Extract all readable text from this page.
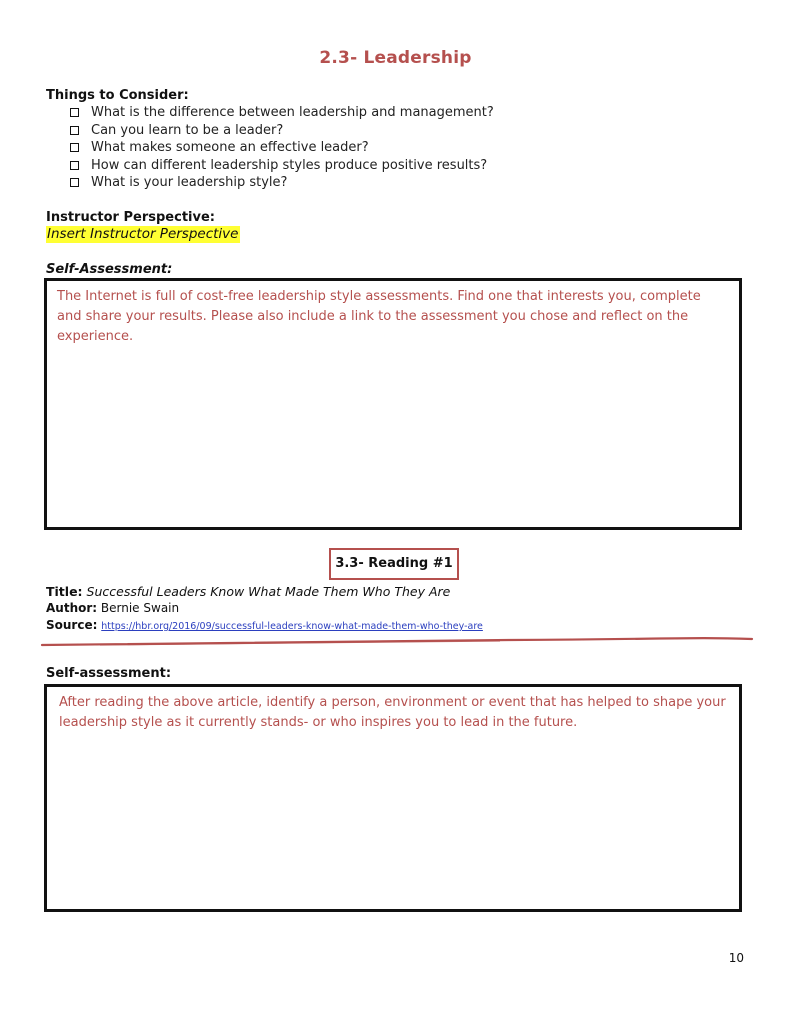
2.3- Leadership
Things to Consider:
What is the difference between leadership and management?
Can you learn to be a leader?
What makes someone an effective leader?
How can different leadership styles produce positive results?
What is your leadership style?
Instructor Perspective:
Insert Instructor Perspective
Self-Assessment:
The Internet is full of cost-free leadership style assessments. Find one that interests you, complete and share your results. Please also include a link to the assessment you chose and reflect on the experience.
3.3- Reading #1
Title: Successful Leaders Know What Made Them Who They Are
Author: Bernie Swain
Source: https://hbr.org/2016/09/successful-leaders-know-what-made-them-who-they-are
Self-assessment:
After reading the above article, identify a person, environment or event that has helped to shape your leadership style as it currently stands- or who inspires you to lead in the future.
10
